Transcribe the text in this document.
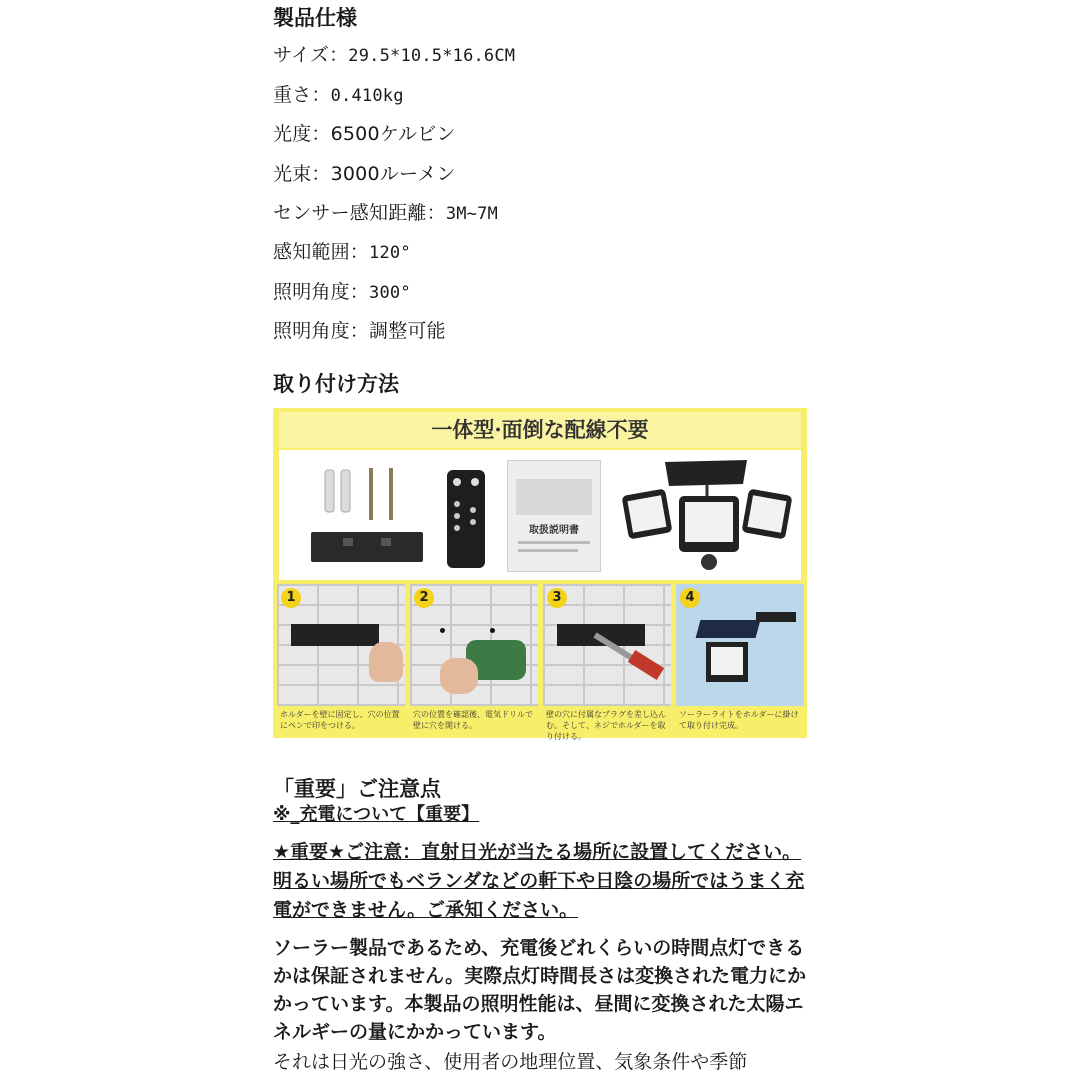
製品仕様
サイズ：29.5*10.5*16.6CM
重さ：0.410kg
光度：6500ケルビン
光束：3000ルーメン
センサー感知距離：3M~7M
感知範囲：120°
照明角度：300°
照明角度：調整可能
取り付け方法
一体型·面倒な配線不要
取扱説明書
1
ホルダーを壁に固定し、穴の位置にペンで印をつける。
2
穴の位置を確認後、電気ドリルで壁に穴を開ける。
3
壁の穴に付属なプラグを差し込んむ。そして、ネジでホルダーを取り付ける。
4
ソーラーライトをホルダーに掛けて取り付け完成。
「重要」ご注意点
※_充電について【重要】
★重要★ご注意：直射日光が当たる場所に設置してください。明るい場所でもベランダなどの軒下や日陰の場所ではうまく充電ができません。ご承知ください。
ソーラー製品であるため、充電後どれくらいの時間点灯できるかは保証されません。実際点灯時間長さは変換された電力にかかっています。本製品の照明性能は、昼間に変換された太陽エネルギーの量にかかっています。
それは日光の強さ、使用者の地理位置、気象条件や季節
